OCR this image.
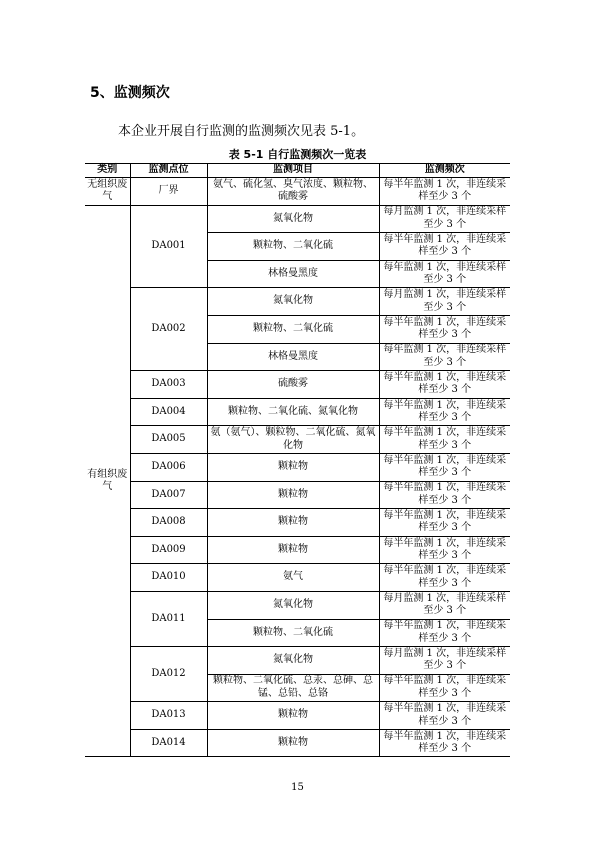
5、监测频次
本企业开展自行监测的监测频次见表 5-1。
表 5-1 自行监测频次一览表
类别	监测点位	监测项目	监测频次
无组织废气	厂界	氨气、硫化氢、臭气浓度、颗粒物、硫酸雾	每半年监测 1 次，非连续采样至少 3 个
有组织废气	DA001	氮氧化物	每月监测 1 次，非连续采样至少 3 个
		颗粒物、二氧化硫	每半年监测 1 次，非连续采样至少 3 个
		林格曼黑度	每年监测 1 次，非连续采样至少 3 个
	DA002	氮氧化物	每月监测 1 次，非连续采样至少 3 个
		颗粒物、二氧化硫	每半年监测 1 次，非连续采样至少 3 个
		林格曼黑度	每年监测 1 次，非连续采样至少 3 个
	DA003	硫酸雾	每半年监测 1 次，非连续采样至少 3 个
	DA004	颗粒物、二氧化硫、氮氧化物	每半年监测 1 次，非连续采样至少 3 个
	DA005	氨（氨气）、颗粒物、二氧化硫、氮氧化物	每半年监测 1 次，非连续采样至少 3 个
	DA006	颗粒物	每半年监测 1 次，非连续采样至少 3 个
	DA007	颗粒物	每半年监测 1 次，非连续采样至少 3 个
	DA008	颗粒物	每半年监测 1 次，非连续采样至少 3 个
	DA009	颗粒物	每半年监测 1 次，非连续采样至少 3 个
	DA010	氨气	每半年监测 1 次，非连续采样至少 3 个
	DA011	氮氧化物	每月监测 1 次，非连续采样至少 3 个
		颗粒物、二氧化硫	每半年监测 1 次，非连续采样至少 3 个
	DA012	氮氧化物	每月监测 1 次，非连续采样至少 3 个
		颗粒物、二氧化硫、总汞、总砷、总锰、总铅、总铬	每半年监测 1 次，非连续采样至少 3 个
	DA013	颗粒物	每半年监测 1 次，非连续采样至少 3 个
	DA014	颗粒物	每半年监测 1 次，非连续采样至少 3 个
15
